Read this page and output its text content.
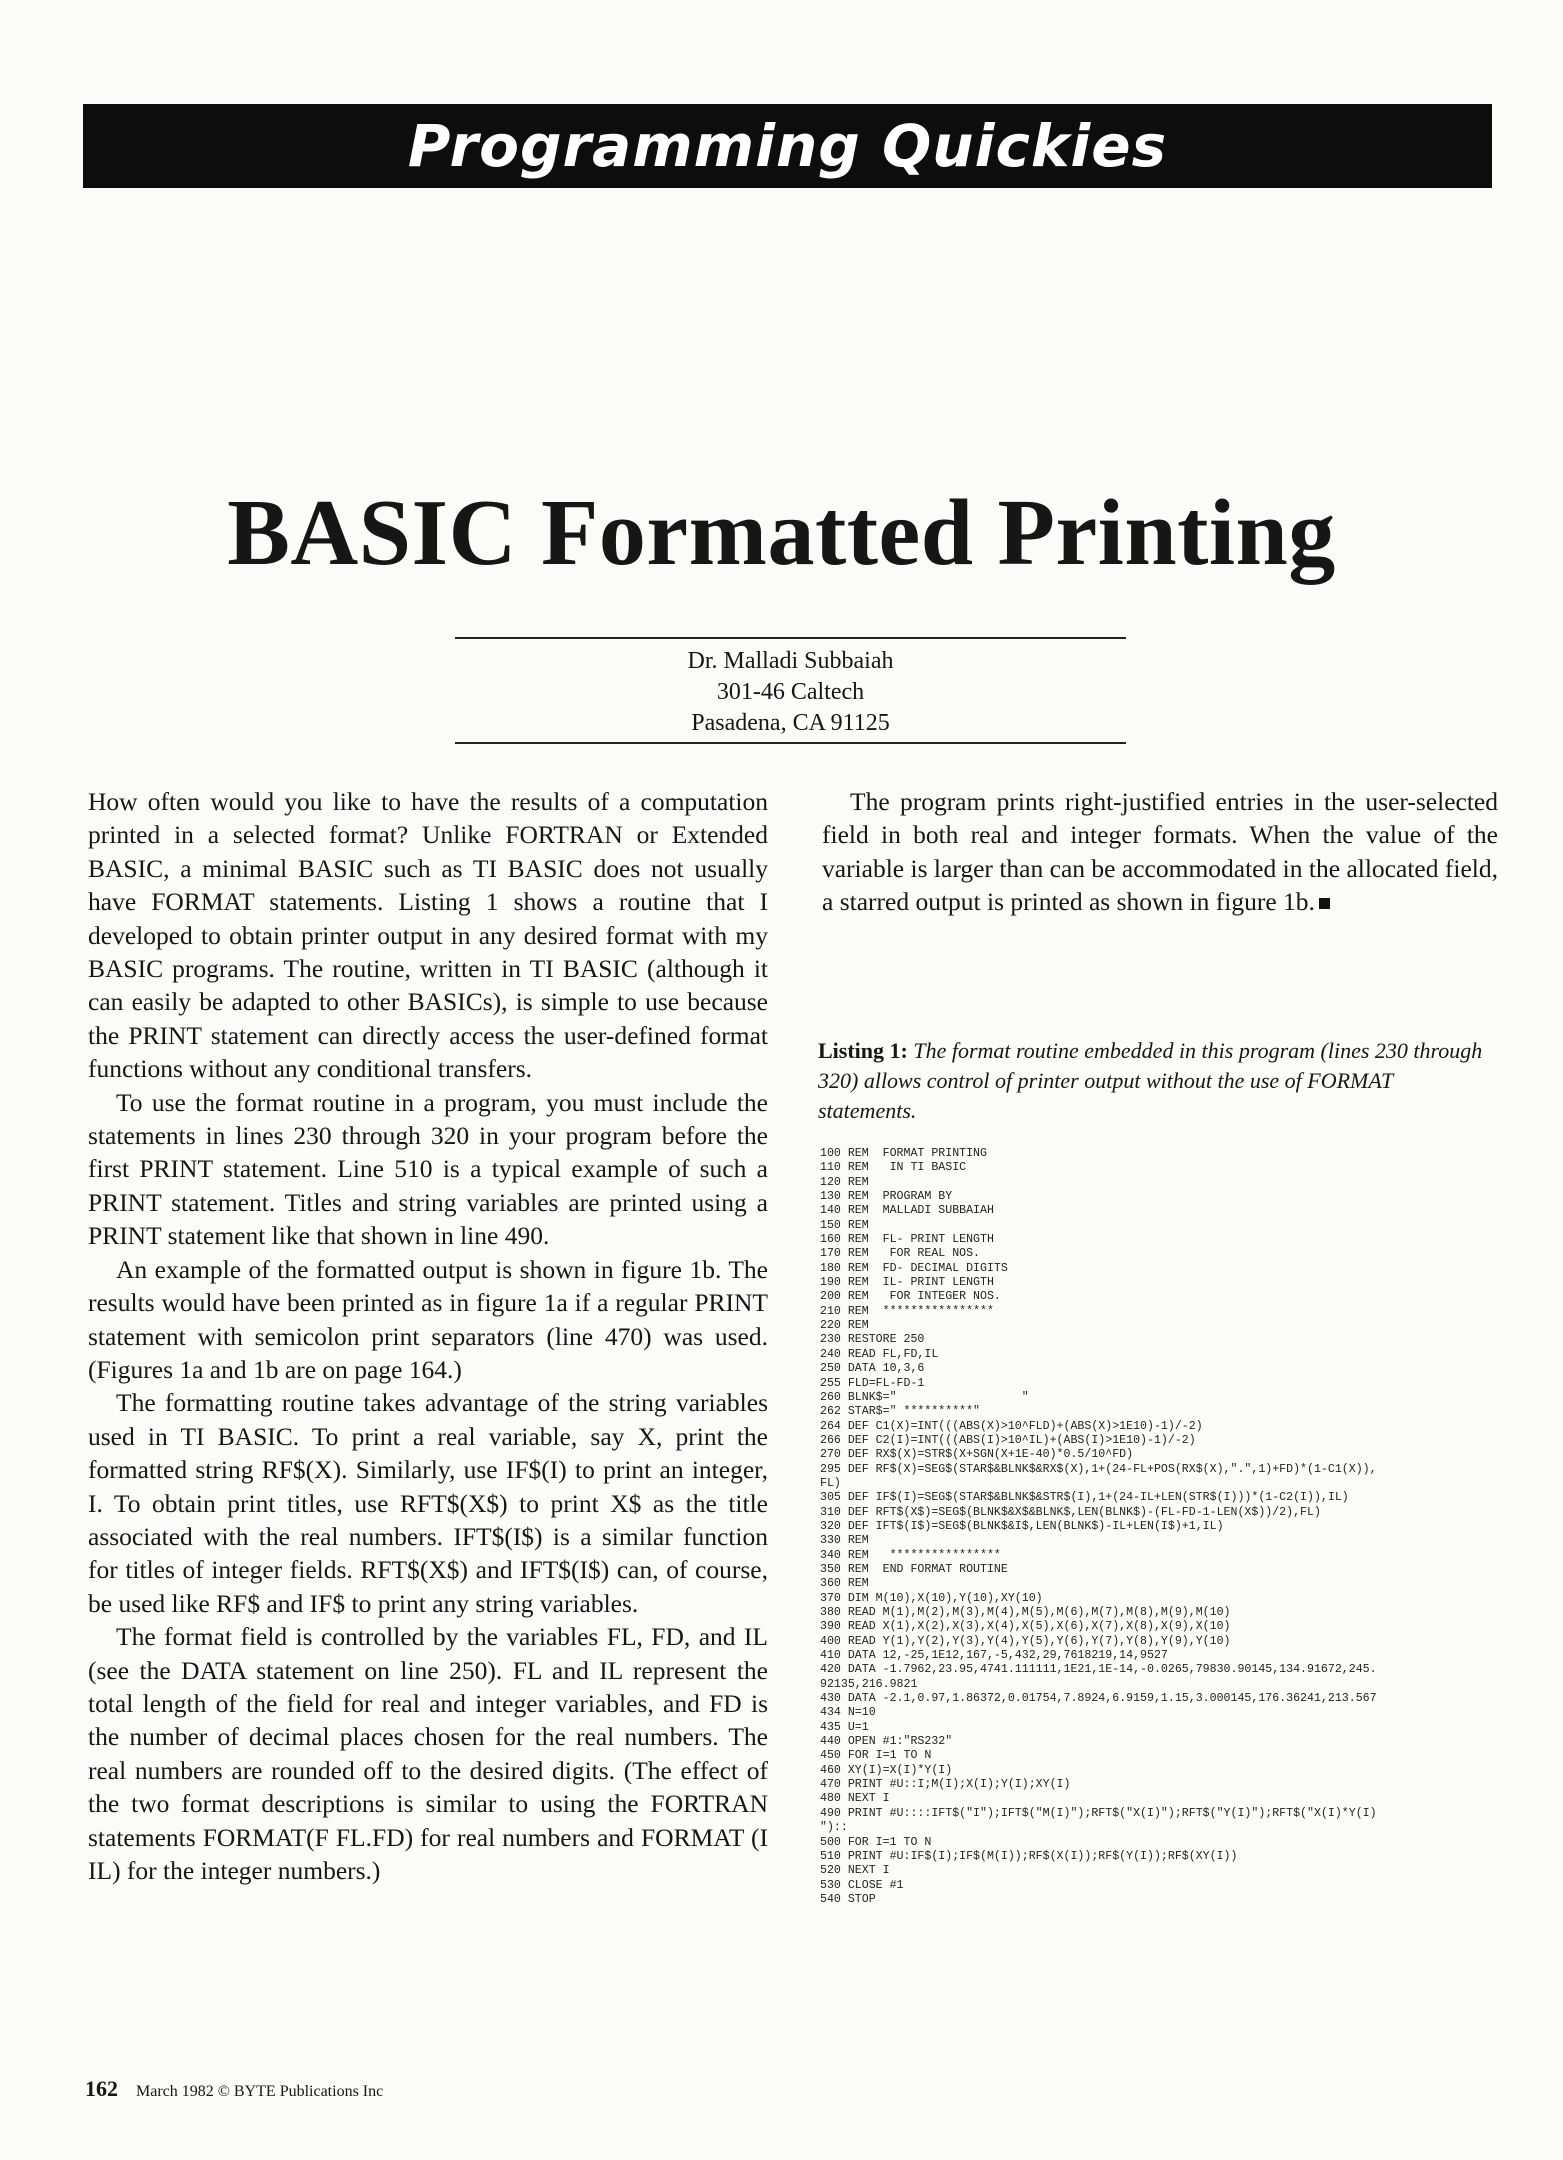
Programming Quickies
BASIC Formatted Printing
Dr. Malladi Subbaiah
301-46 Caltech
Pasadena, CA 91125

How often would you like to have the results of a computation printed in a selected format? Unlike FORTRAN or Extended BASIC, a minimal BASIC such as TI BASIC does not usually have FORMAT statements. Listing 1 shows a routine that I developed to obtain printer output in any desired format with my BASIC programs. The routine, written in TI BASIC (although it can easily be adapted to other BASICs), is simple to use because the PRINT statement can directly access the user-defined format functions without any conditional transfers.

To use the format routine in a program, you must include the statements in lines 230 through 320 in your program before the first PRINT statement. Line 510 is a typical example of such a PRINT statement. Titles and string variables are printed using a PRINT statement like that shown in line 490.

An example of the formatted output is shown in figure 1b. The results would have been printed as in figure 1a if a regular PRINT statement with semicolon print separators (line 470) was used. (Figures 1a and 1b are on page 164.)

The formatting routine takes advantage of the string variables used in TI BASIC. To print a real variable, say X, print the formatted string RF$(X). Similarly, use IF$(I) to print an integer, I. To obtain print titles, use RFT$(X$) to print X$ as the title associated with the real numbers. IFT$(I$) is a similar function for titles of integer fields. RFT$(X$) and IFT$(I$) can, of course, be used like RF$ and IF$ to print any string variables.

The format field is controlled by the variables FL, FD, and IL (see the DATA statement on line 250). FL and IL represent the total length of the field for real and integer variables, and FD is the number of decimal places chosen for the real numbers. The real numbers are rounded off to the desired digits. (The effect of the two format descriptions is similar to using the FORTRAN statements FORMAT(F FL.FD) for real numbers and FORMAT (I IL) for the integer numbers.)

The program prints right-justified entries in the user-selected field in both real and integer formats. When the value of the variable is larger than can be accommodated in the allocated field, a starred output is printed as shown in figure 1b.

Listing 1: The format routine embedded in this program (lines 230 through 320) allows control of printer output without the use of FORMAT statements.
100 REM  FORMAT PRINTING
110 REM   IN TI BASIC
120 REM
130 REM  PROGRAM BY
140 REM  MALLADI SUBBAIAH
150 REM
160 REM  FL- PRINT LENGTH
170 REM   FOR REAL NOS.
180 REM  FD- DECIMAL DIGITS
190 REM  IL- PRINT LENGTH
200 REM   FOR INTEGER NOS.
210 REM  ****************
220 REM
230 RESTORE 250
240 READ FL,FD,IL
250 DATA 10,3,6
255 FLD=FL-FD-1
260 BLNK$="                  "
262 STAR$=" **********"
264 DEF C1(X)=INT(((ABS(X)>10^FLD)+(ABS(X)>1E10)-1)/-2)
266 DEF C2(I)=INT(((ABS(I)>10^IL)+(ABS(I)>1E10)-1)/-2)
270 DEF RX$(X)=STR$(X+SGN(X+1E-40)*0.5/10^FD)
295 DEF RF$(X)=SEG$(STAR$&BLNK$&RX$(X),1+(24-FL+POS(RX$(X),".",1)+FD)*(1-C1(X)),
FL)
305 DEF IF$(I)=SEG$(STAR$&BLNK$&STR$(I),1+(24-IL+LEN(STR$(I)))*(1-C2(I)),IL)
310 DEF RFT$(X$)=SEG$(BLNK$&X$&BLNK$,LEN(BLNK$)-(FL-FD-1-LEN(X$))/2),FL)
320 DEF IFT$(I$)=SEG$(BLNK$&I$,LEN(BLNK$)-IL+LEN(I$)+1,IL)
330 REM
340 REM   ****************
350 REM  END FORMAT ROUTINE
360 REM
370 DIM M(10),X(10),Y(10),XY(10)
380 READ M(1),M(2),M(3),M(4),M(5),M(6),M(7),M(8),M(9),M(10)
390 READ X(1),X(2),X(3),X(4),X(5),X(6),X(7),X(8),X(9),X(10)
400 READ Y(1),Y(2),Y(3),Y(4),Y(5),Y(6),Y(7),Y(8),Y(9),Y(10)
410 DATA 12,-25,1E12,167,-5,432,29,7618219,14,9527
420 DATA -1.7962,23.95,4741.111111,1E21,1E-14,-0.0265,79830.90145,134.91672,245.
92135,216.9821
430 DATA -2.1,0.97,1.86372,0.01754,7.8924,6.9159,1.15,3.000145,176.36241,213.567
434 N=10
435 U=1
440 OPEN #1:"RS232"
450 FOR I=1 TO N
460 XY(I)=X(I)*Y(I)
470 PRINT #U::I;M(I);X(I);Y(I);XY(I)
480 NEXT I
490 PRINT #U::::IFT$("I");IFT$("M(I)");RFT$("X(I)");RFT$("Y(I)");RFT$("X(I)*Y(I)
")::
500 FOR I=1 TO N
510 PRINT #U:IF$(I);IF$(M(I));RF$(X(I));RF$(Y(I));RF$(XY(I))
520 NEXT I
530 CLOSE #1
540 STOP
162 March 1982 © BYTE Publications Inc
